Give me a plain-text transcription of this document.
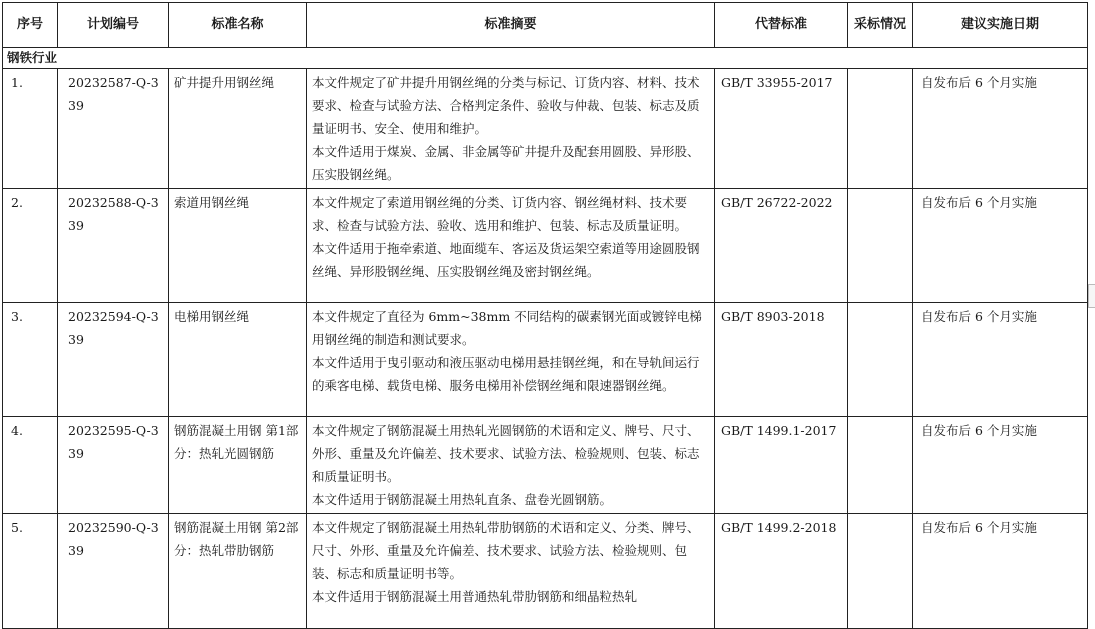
序号	计划编号	标准名称	标准摘要	代替标准	采标情况	建议实施日期
钢铁行业						
1.	20232587-Q-339	矿井提升用钢丝绳	本文件规定了矿井提升用钢丝绳的分类与标记、订货内容、材料、技术要求、检查与试验方法、合格判定条件、验收与仲裁、包装、标志及质量证明书、安全、使用和维护。

本文件适用于煤炭、金属、非金属等矿井提升及配套用圆股、异形股、压实股钢丝绳。	GB/T 33955-2017		自发布后 6 个月实施
2.	20232588-Q-339	索道用钢丝绳	本文件规定了索道用钢丝绳的分类、订货内容、钢丝绳材料、技术要求、检查与试验方法、验收、选用和维护、包装、标志及质量证明。

本文件适用于拖牵索道、地面缆车、客运及货运架空索道等用途圆股钢丝绳、异形股钢丝绳、压实股钢丝绳及密封钢丝绳。	GB/T 26722-2022		自发布后 6 个月实施
3.	20232594-Q-339	电梯用钢丝绳	本文件规定了直径为 6mm~38mm 不同结构的碳素钢光面或镀锌电梯用钢丝绳的制造和测试要求。

本文件适用于曳引驱动和液压驱动电梯用悬挂钢丝绳，和在导轨间运行的乘客电梯、载货电梯、服务电梯用补偿钢丝绳和限速器钢丝绳。	GB/T 8903-2018		自发布后 6 个月实施
4.	20232595-Q-339	钢筋混凝土用钢 第1部分：热轧光圆钢筋	本文件规定了钢筋混凝土用热轧光圆钢筋的术语和定义、牌号、尺寸、外形、重量及允许偏差、技术要求、试验方法、检验规则、包装、标志和质量证明书。

本文件适用于钢筋混凝土用热轧直条、盘卷光圆钢筋。	GB/T 1499.1-2017		自发布后 6 个月实施
5.	20232590-Q-339	钢筋混凝土用钢 第2部分：热轧带肋钢筋	本文件规定了钢筋混凝土用热轧带肋钢筋的术语和定义、分类、牌号、尺寸、外形、重量及允许偏差、技术要求、试验方法、检验规则、包装、标志和质量证明书等。

本文件适用于钢筋混凝土用普通热轧带肋钢筋和细晶粒热轧	GB/T 1499.2-2018		自发布后 6 个月实施
